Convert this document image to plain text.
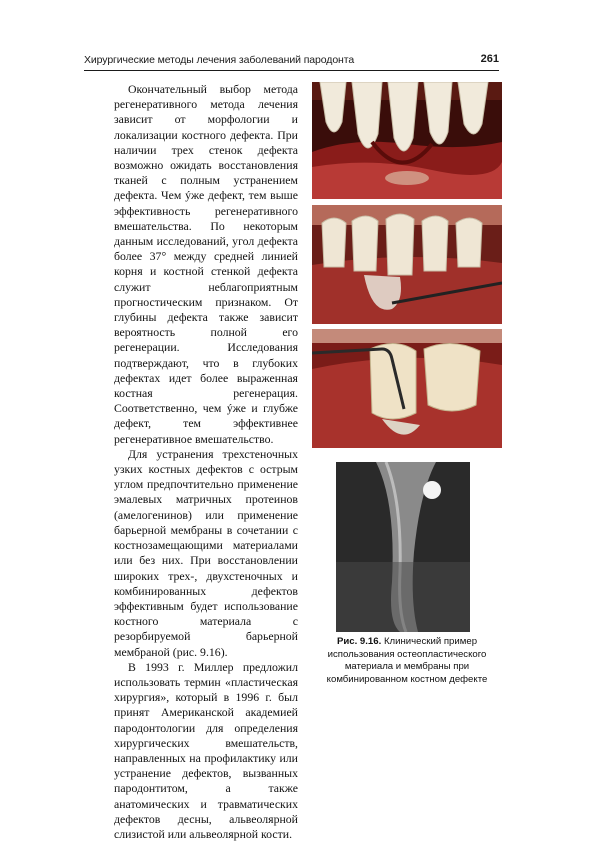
Хирургические методы лечения заболеваний пародонта	261

Окончательный выбор метода регенеративного метода лечения зависит от морфологии и локализации костного дефекта. При наличии трех стенок дефекта возможно ожидать восстановления тканей с полным устранением дефекта. Чем ýже дефект, тем выше эффективность регенеративного вмешательства. По некоторым данным исследований, угол дефекта более 37° между средней линией корня и костной стенкой дефекта служит неблагоприятным прогностическим признаком. От глубины дефекта также зависит вероятность полной его регенерации. Исследования подтверждают, что в глубоких дефектах идет более выраженная костная регенерация. Соответственно, чем ýже и глубже дефект, тем эффективнее регенеративное вмешательство.

Для устранения трехстеночных узких костных дефектов с острым углом предпочтительно применение эмалевых матричных протеинов (амелогенинов) или применение барьерной мембраны в сочетании с костнозамещающими материалами или без них. При восстановлении широких трех-, двухстеночных и комбинированных дефектов эффективным будет использование костного материала с резорбируемой барьерной мембраной (рис. 9.16).

В 1993 г. Миллер предложил использовать термин «пластическая хирургия», который в 1996 г. был принят Американской академией пародонтологии для определения хирургических вмешательств, направленных на профилактику или устранение дефектов, вызванных пародонтитом, а также анатомических и травматических дефектов десны, альвеолярной слизистой или альвеолярной кости.

Рис. 9.16. Клинический пример использования остеопластического материала и мембраны при комбинированном костном дефекте
